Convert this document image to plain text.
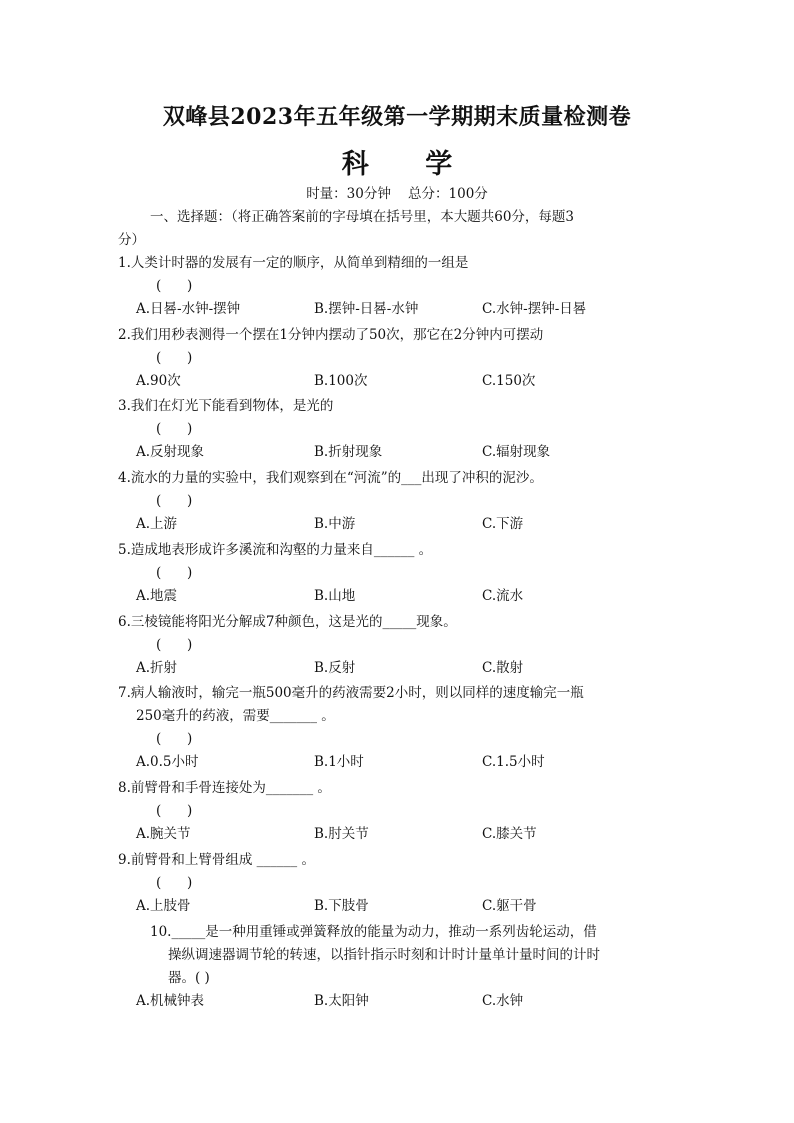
双峰县2023年五年级第一学期期末质量检测卷
科      学
时量：30分钟    总分：100分
一、选择题：（将正确答案前的字母填在括号里，本大题共60分，每题3
分）
1.人类计时器的发展有一定的顺序，从简单到精细的一组是
(      )
A.日晷-水钟-摆钟	B.摆钟-日晷-水钟	C.水钟-摆钟-日晷
2.我们用秒表测得一个摆在1分钟内摆动了50次，那它在2分钟内可摆动
(      )
A.90次	B.100次	C.150次
3.我们在灯光下能看到物体，是光的
(      )
A.反射现象	B.折射现象	C.辐射现象
4.流水的力量的实验中，我们观察到在“河流”的___出现了冲积的泥沙。
(      )
A.上游	B.中游	C.下游
5.造成地表形成许多溪流和沟壑的力量来自______ 。
(      )
A.地震	B.山地	C.流水
6.三棱镜能将阳光分解成7种颜色，这是光的_____现象。
(      )
A.折射	B.反射	C.散射
7.病人输液时，输完一瓶500毫升的药液需要2小时，则以同样的速度输完一瓶
250毫升的药液，需要_______ 。
(      )
A.0.5小时	B.1小时	C.1.5小时
8.前臂骨和手骨连接处为_______ 。
(      )
A.腕关节	B.肘关节	C.膝关节
9.前臂骨和上臂骨组成 ______ 。
(      )
A.上肢骨	B.下肢骨	C.躯干骨
10._____是一种用重锤或弹簧释放的能量为动力，推动一系列齿轮运动，借
操纵调速器调节轮的转速，以指针指示时刻和计时计量单计量时间的计时
器。( )
A.机械钟表	B.太阳钟	C.水钟
